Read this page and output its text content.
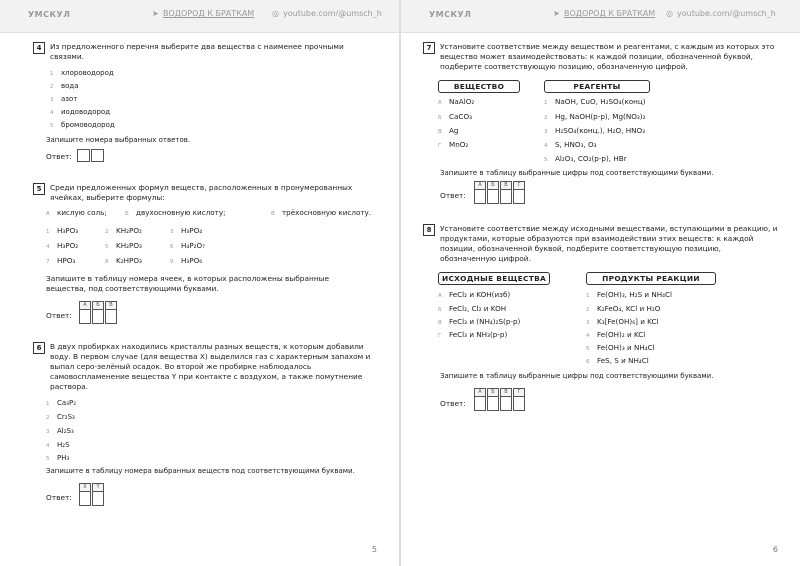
УМСКУЛ	➤ ВОДОРОД К БРАТКАМ ◎ youtube.com/@umsch_h
4	Из предложенного перечня выберите два вещества с наименее прочными связями.
1 хлороводород
2 вода
3 азот
4 иодоводород
5 бромоводород
Запишите номера выбранных ответов.
Ответ:
5	Среди предложенных формул веществ, расположенных в пронумерованных ячейках, выберите формулы:
А кислую соль;	Б двухосновную кислоту;	В трёхосновную кислоту.
1 H₃PO₃	2 KH₂PO₂	3 H₃PO₄
4 H₃PO₂	5 KH₂PO₃	6 H₄P₂O₇
7 HPO₃	8 K₂HPO₃	9 H₃PO₆
Запишите в таблицу номера ячеек, в которых расположены выбранные вещества, под соответствующими буквами.
Ответ:
А	Б	В
6	В двух пробирках находились кристаллы разных веществ, к которым добавили воду. В первом случае (для вещества X) выделился газ с характерным запахом и выпал серо-зелёный осадок. Во второй же пробирке наблюдалось самовоспламенение вещества Y при контакте с воздухом, а также помутнение раствора.
1 Ca₃P₂
2 Cr₂S₃
3 Al₂S₃
4 H₂S
5 PH₃
Запишите в таблицу номера выбранных веществ под соответствующими буквами.
Ответ:
X	Y
5
УМСКУЛ	➤ ВОДОРОД К БРАТКАМ ◎ youtube.com/@umsch_h
7	Установите соответствие между веществом и реагентами, с каждым из которых это вещество может взаимодействовать: к каждой позиции, обозначенной буквой, подберите соответствующую позицию, обозначенную цифрой.
ВЕЩЕСТВО	РЕАГЕНТЫ
А NaAlO₂
Б CaCO₃
В Ag
Г MnO₂
1 NaOH, CuO, H₂SO₄(конц)
2 Hg, NaOH(р-р), Mg(NO₃)₂
3 H₂SO₄(конц.), H₂O, HNO₃
4 S, HNO₃, O₃
5 Al₂O₃, CO₂(р-р), HBr
Запишите в таблицу выбранные цифры под соответствующими буквами.
Ответ:
А	Б	В	Г
8	Установите соответствие между исходными веществами, вступающими в реакцию, и продуктами, которые образуются при взаимодействии этих веществ: к каждой позиции, обозначенной буквой, подберите соответствующую позицию, обозначенную цифрой.
ИСХОДНЫЕ ВЕЩЕСТВА	ПРОДУКТЫ РЕАКЦИИ
А FeCl₂ и KOH(изб)
Б FeCl₂, Cl₂ и KOH
В FeCl₃ и (NH₄)₂S(р-р)
Г FeCl₃ и NH₃(р-р)
1 Fe(OH)₃, H₂S и NH₄Cl
2 K₂FeO₄, KCl и H₂O
3 K₃[Fe(OH)₆] и KCl
4 Fe(OH)₂ и KCl
5 Fe(OH)₃ и NH₄Cl
6 FeS, S и NH₄Cl
Запишите в таблицу выбранные цифры под соответствующими буквами.
Ответ:
А	Б	В	Г
6
